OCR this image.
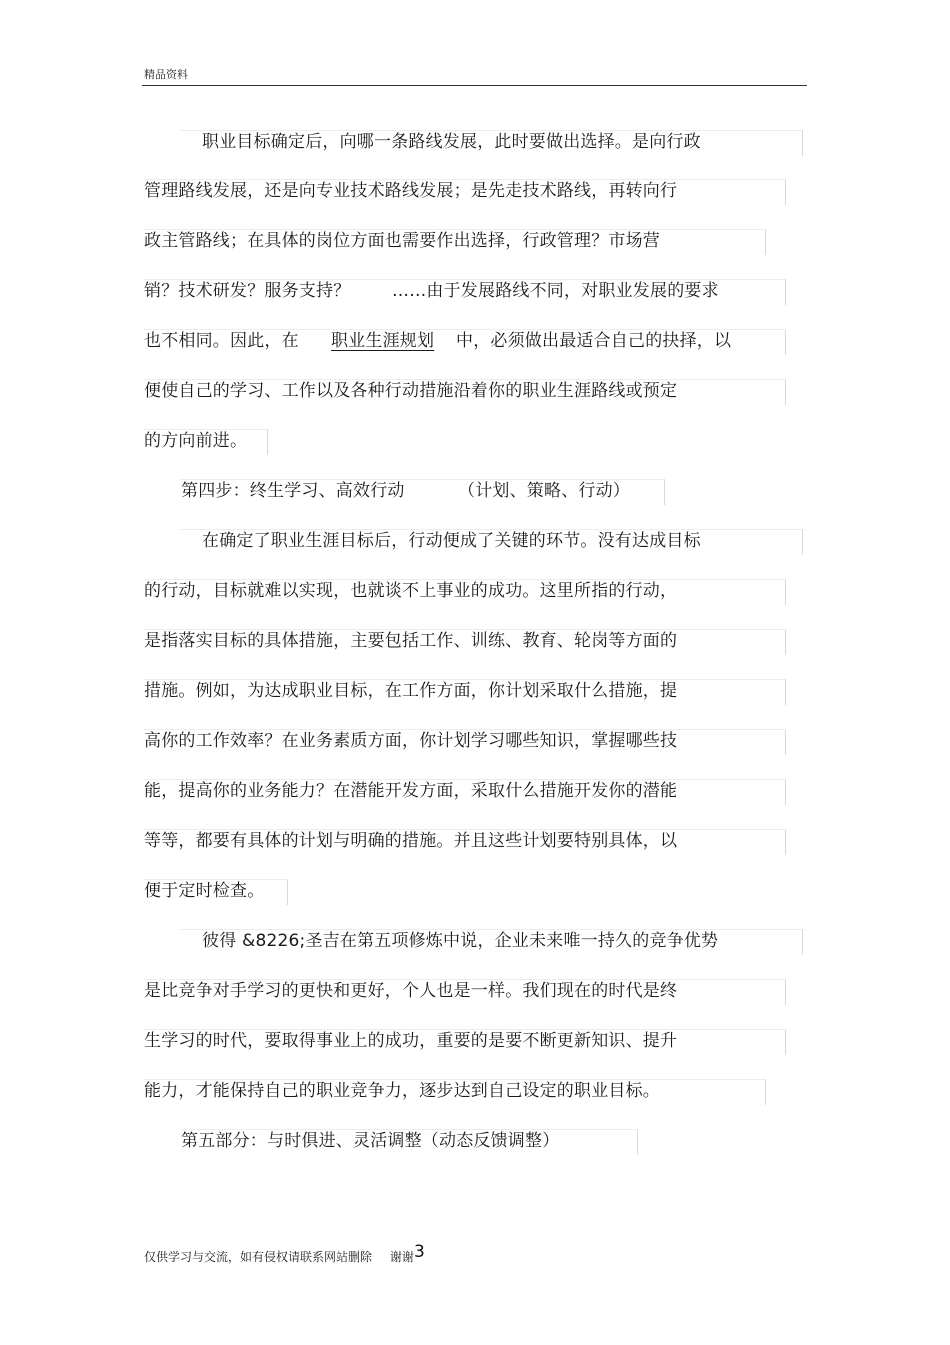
精品资料
职业目标确定后，向哪一条路线发展，此时要做出选择。是向行政
管理路线发展，还是向专业技术路线发展；是先走技术路线，再转向行
政主管路线；在具体的岗位方面也需要作出选择，行政管理？市场营
销？技术研发？服务支持？ ……由于发展路线不同，对职业发展的要求
也不相同。因此，在 职业生涯规划 中，必须做出最适合自己的抉择，以
便使自己的学习、工作以及各种行动措施沿着你的职业生涯路线或预定
的方向前进。
第四步：终生学习、高效行动	（计划、策略、行动）
在确定了职业生涯目标后，行动便成了关键的环节。没有达成目标
的行动，目标就难以实现，也就谈不上事业的成功。这里所指的行动，
是指落实目标的具体措施，主要包括工作、训练、教育、轮岗等方面的
措施。例如，为达成职业目标，在工作方面，你计划采取什么措施，提
高你的工作效率？在业务素质方面，你计划学习哪些知识，掌握哪些技
能，提高你的业务能力？在潜能开发方面，采取什么措施开发你的潜能
等等，都要有具体的计划与明确的措施。并且这些计划要特别具体，以
便于定时检查。
彼得 &8226;圣吉在第五项修炼中说，企业未来唯一持久的竞争优势
是比竞争对手学习的更快和更好，个人也是一样。我们现在的时代是终
生学习的时代，要取得事业上的成功，重要的是要不断更新知识、提升
能力，才能保持自己的职业竞争力，逐步达到自己设定的职业目标。
第五部分：与时俱进、灵活调整（动态反馈调整）
仅供学习与交流，如有侵权请联系网站删除 谢谢 3
